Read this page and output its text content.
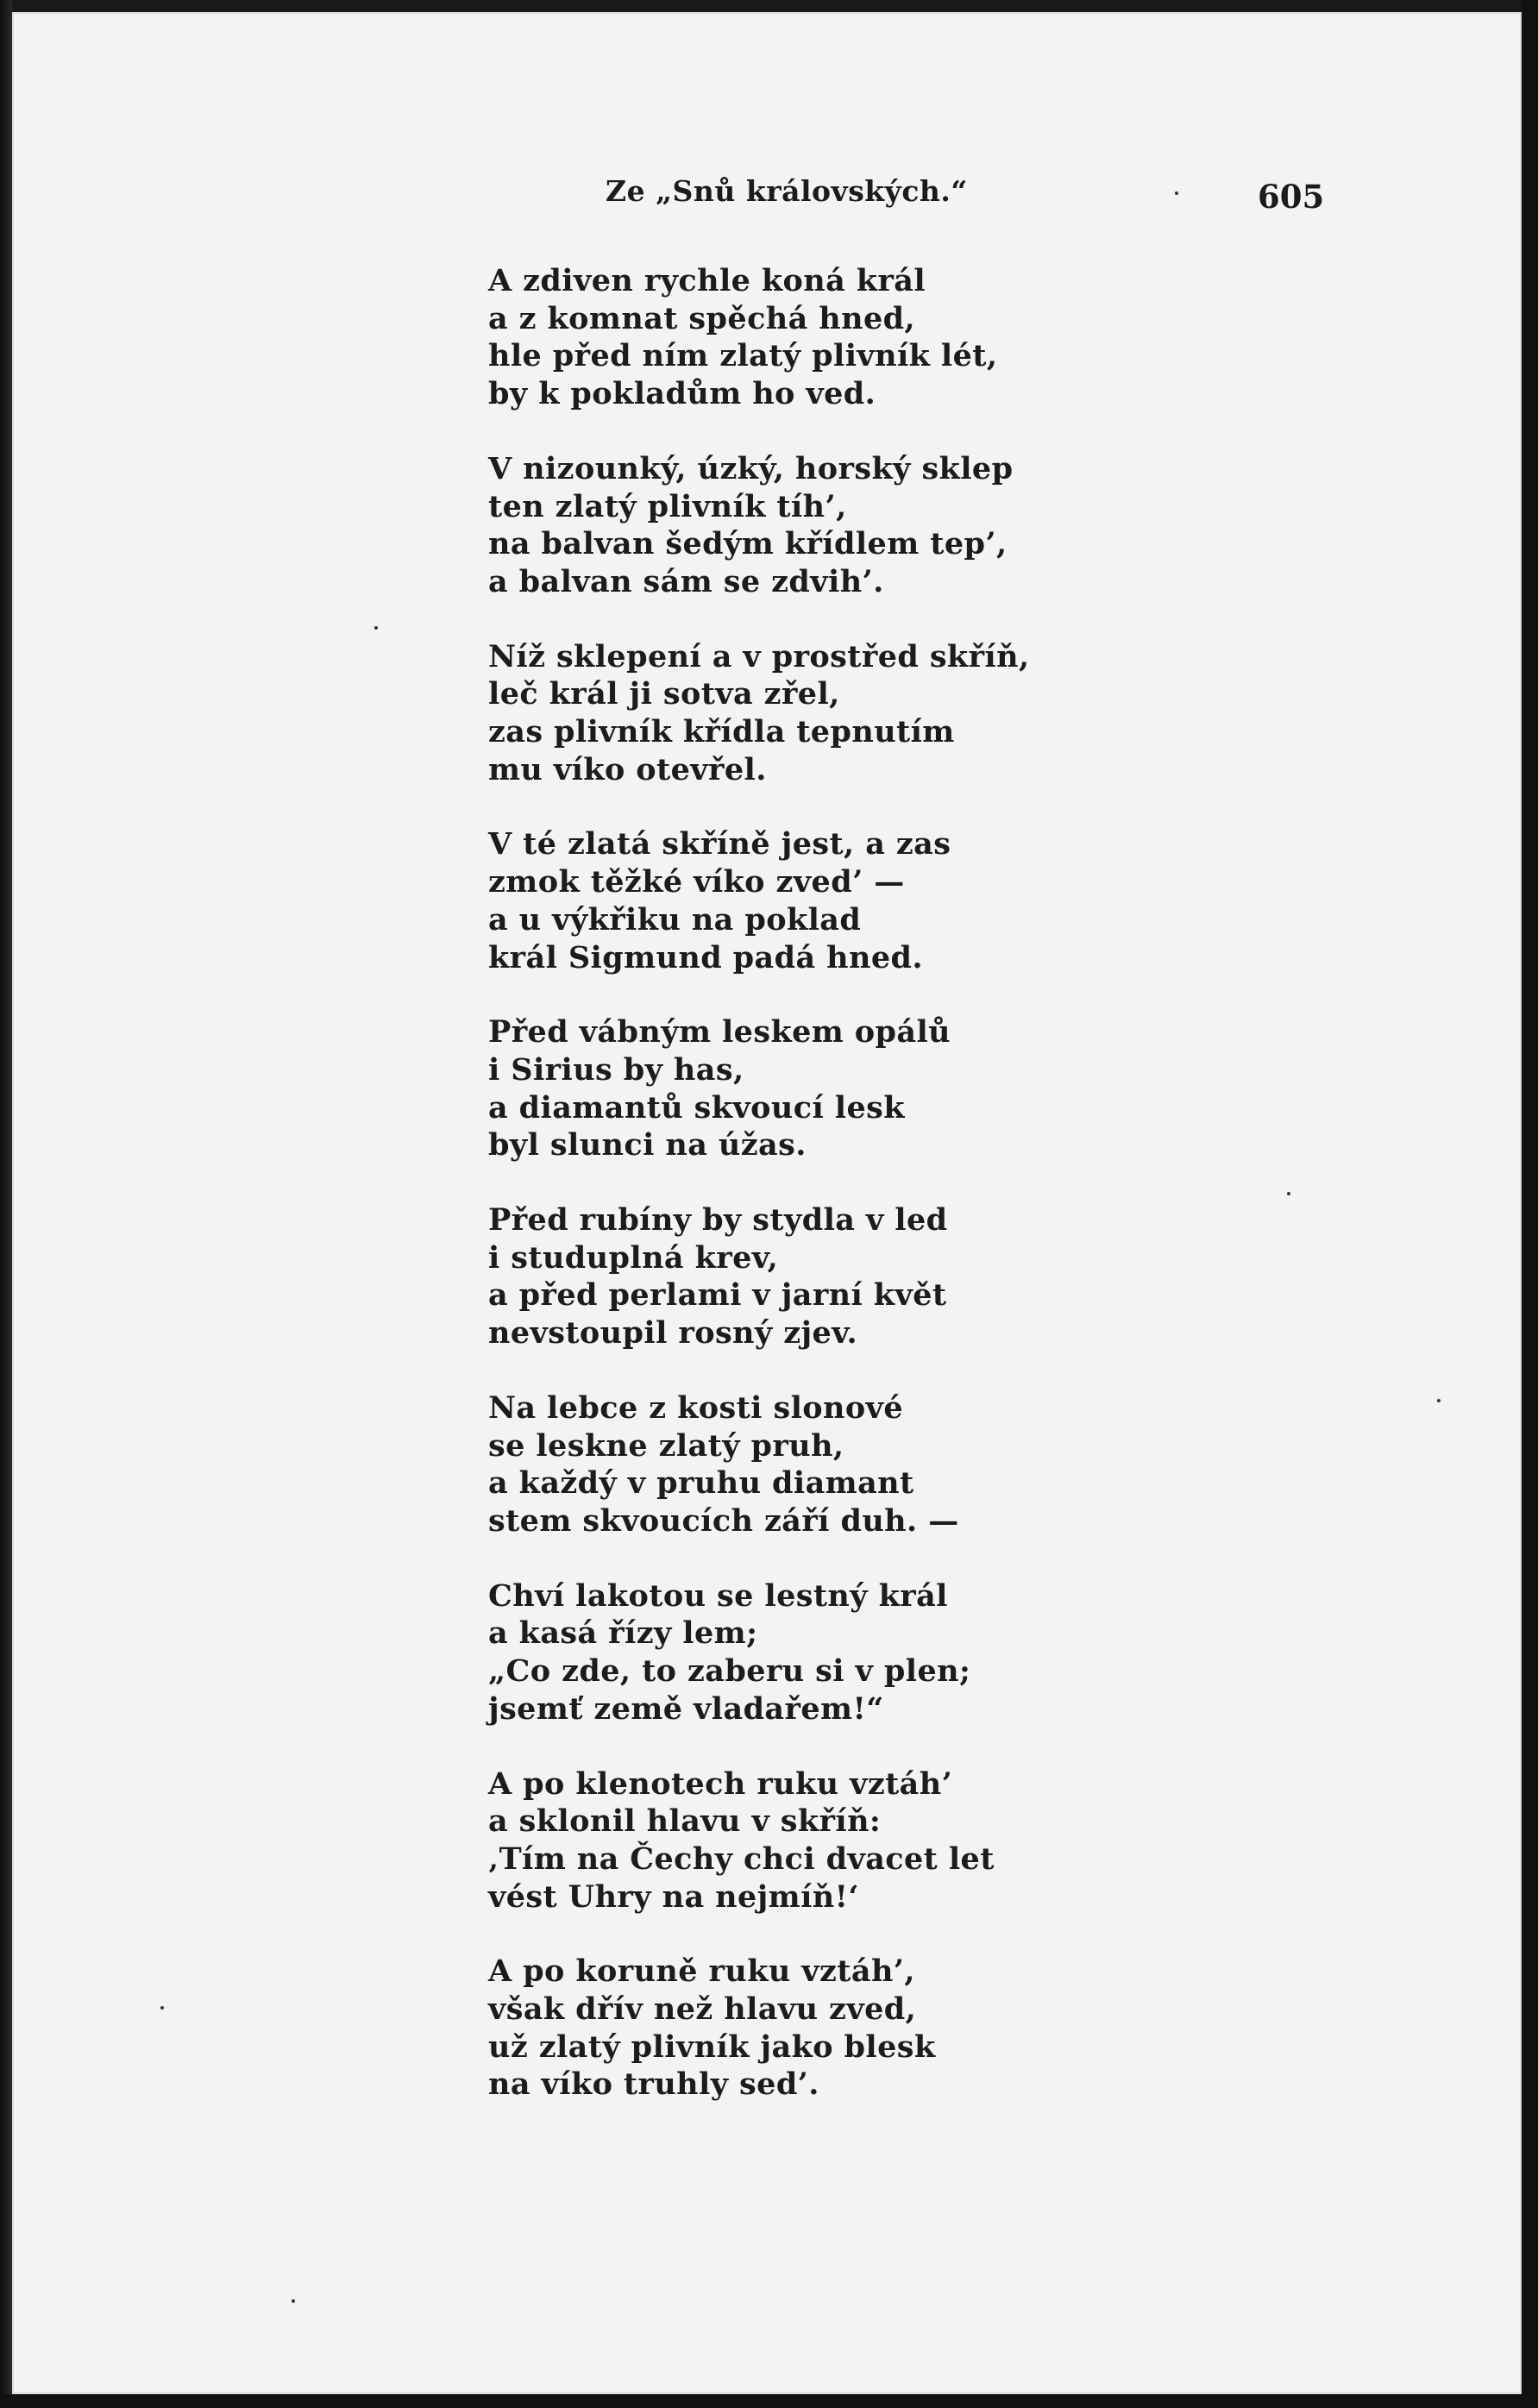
Ze „Snů královských.“	605
A zdiven rychle koná král
a z komnat spěchá hned,
hle před ním zlatý plivník lét,
by k pokladům ho ved.
V nizounký, úzký, horský sklep
ten zlatý plivník tíh’,
na balvan šedým křídlem tep’,
a balvan sám se zdvih’.
Níž sklepení a v prostřed skříň,
leč král ji sotva zřel,
zas plivník křídla tepnutím
mu víko otevřel.
V té zlatá skříně jest, a zas
zmok těžké víko zved’ —
a u výkřiku na poklad
král Sigmund padá hned.
Před vábným leskem opálů
i Sirius by has,
a diamantů skvoucí lesk
byl slunci na úžas.
Před rubíny by stydla v led
i studuplná krev,
a před perlami v jarní květ
nevstoupil rosný zjev.
Na lebce z kosti slonové
se leskne zlatý pruh,
a každý v pruhu diamant
stem skvoucích září duh. —
Chví lakotou se lestný král
a kasá řízy lem;
„Co zde, to zaberu si v plen;
jsemť země vladařem!“
A po klenotech ruku vztáh’
a sklonil hlavu v skříň:
‚Tím na Čechy chci dvacet let
vést Uhry na nejmíň!‘
A po koruně ruku vztáh’,
však dřív než hlavu zved,
už zlatý plivník jako blesk
na víko truhly sed’.
